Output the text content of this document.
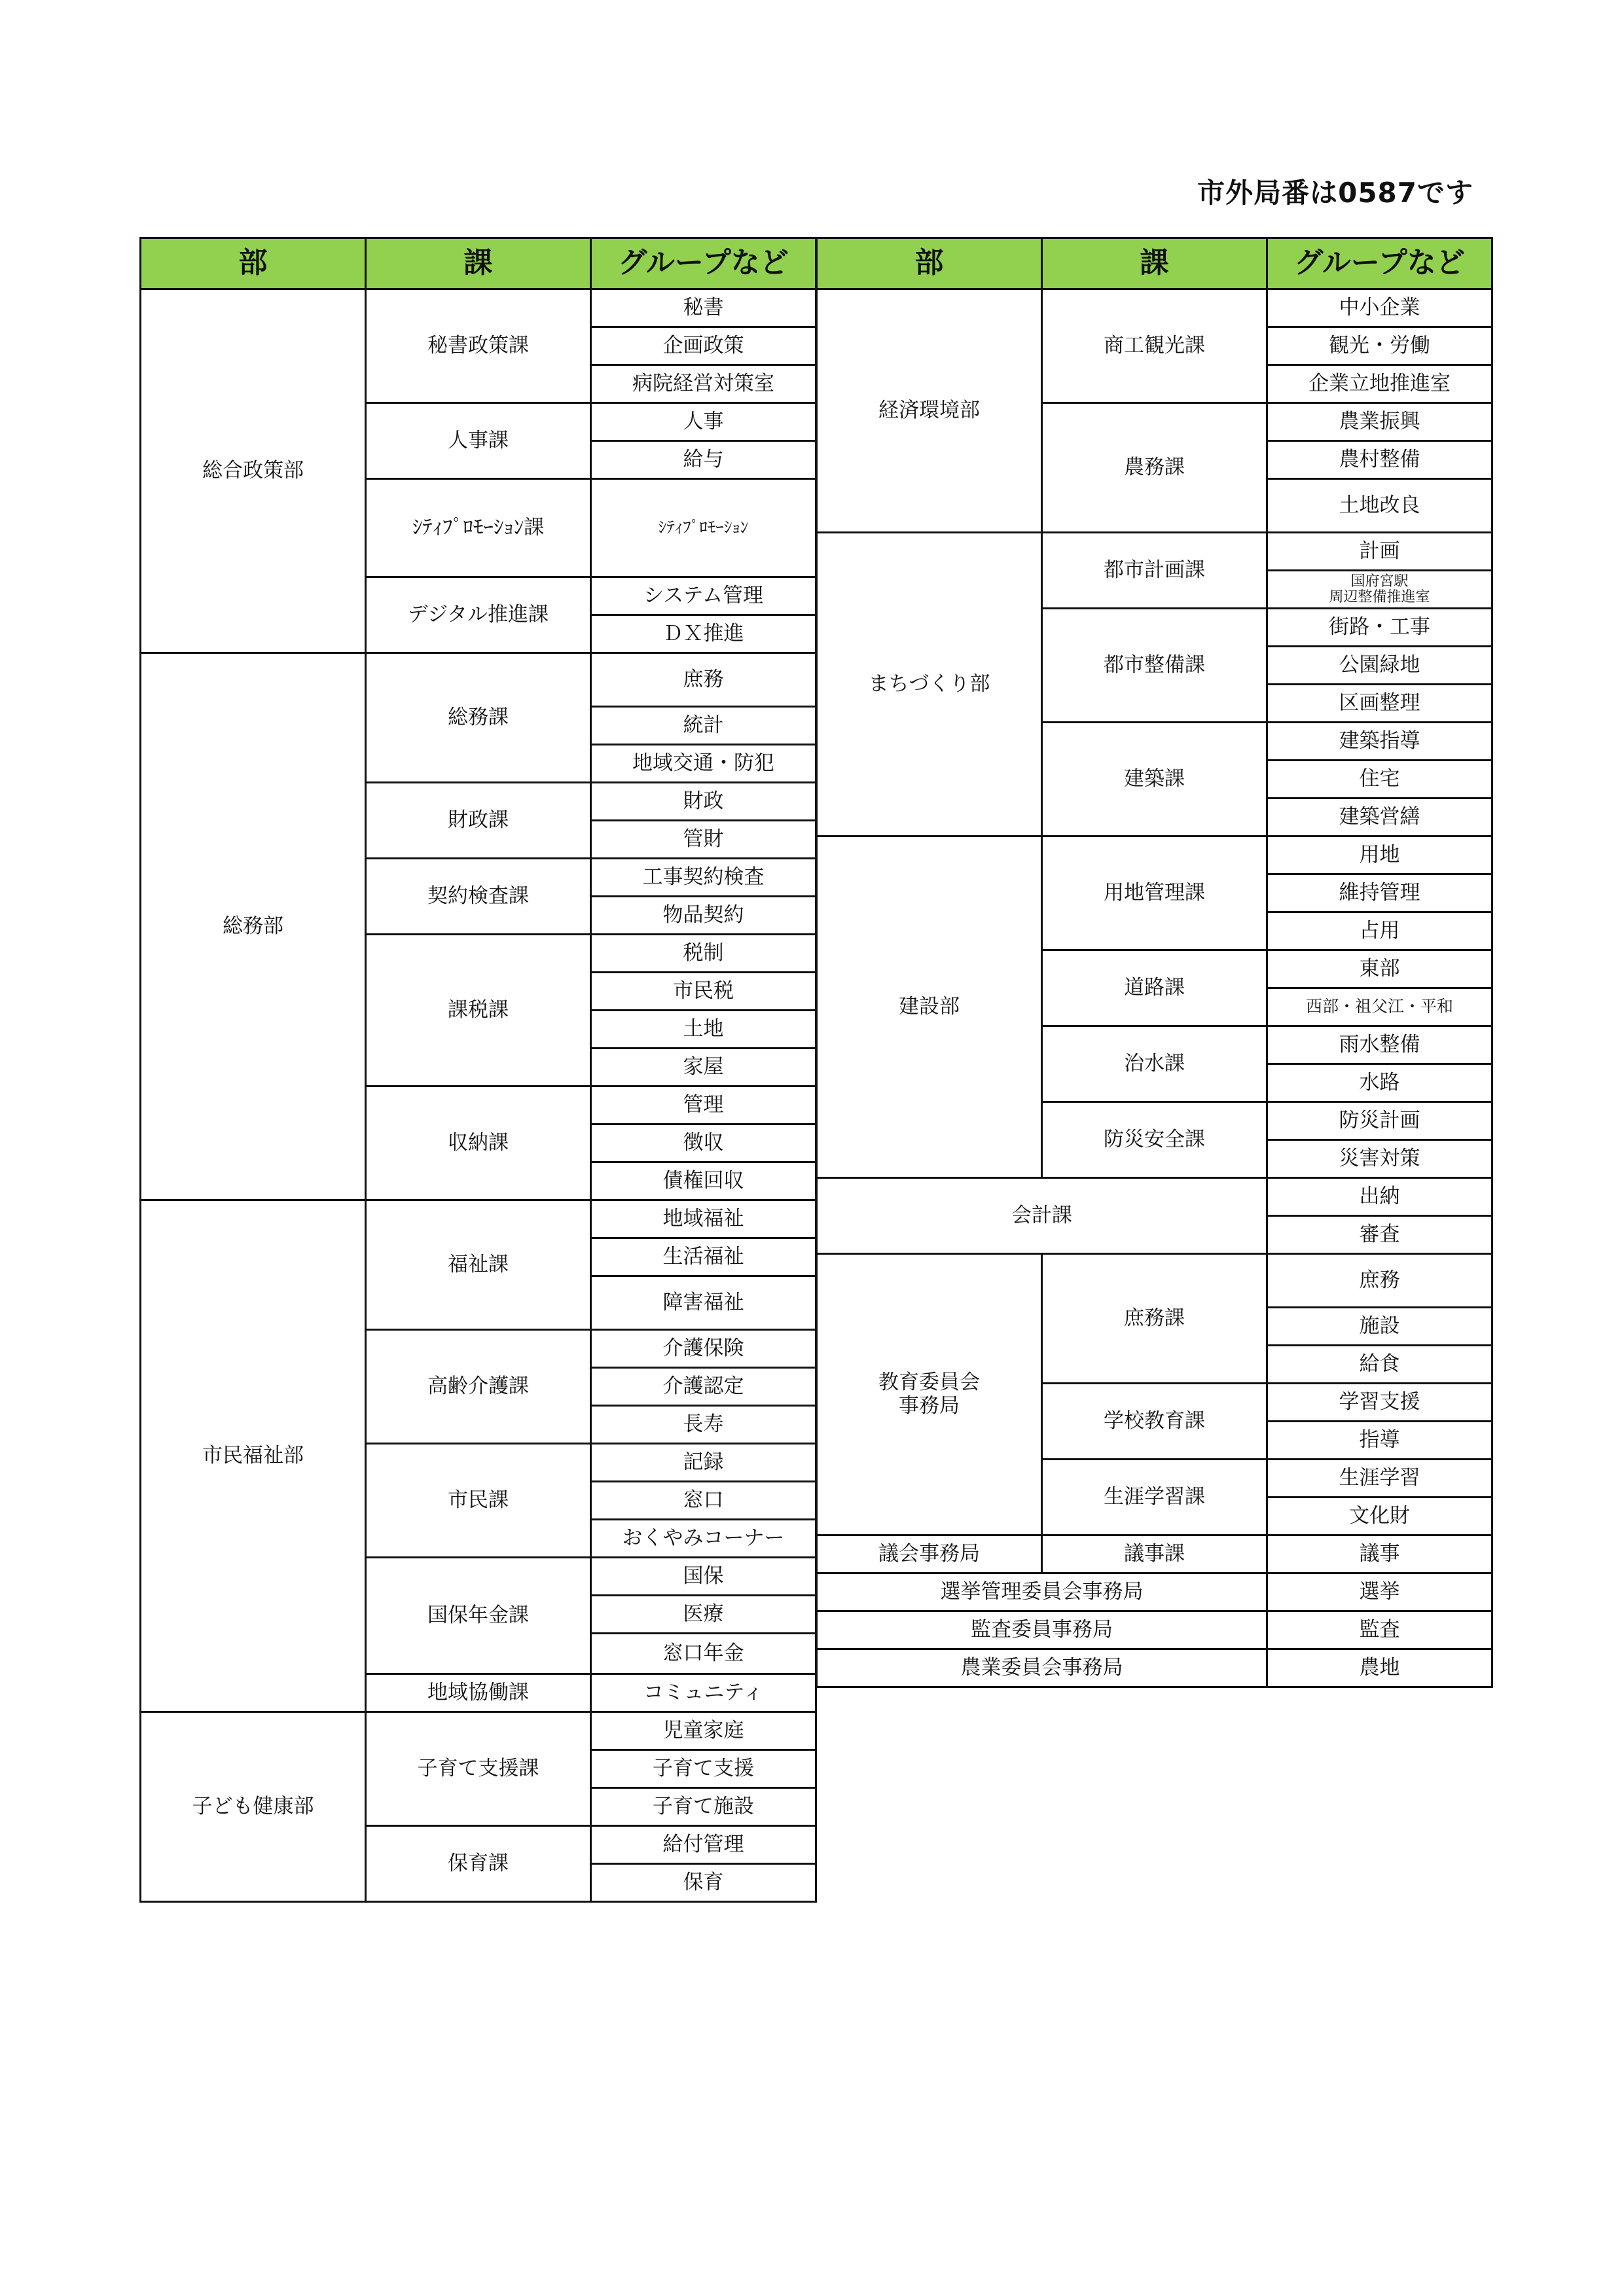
市外局番は0587です
部	課	グループなど
総合政策部	秘書政策課	秘書
		企画政策
		病院経営対策室
	人事課	人事
		給与
	ｼﾃｨﾌﾟﾛﾓｰｼｮﾝ課	ｼﾃｨﾌﾟﾛﾓｰｼｮﾝ
	デジタル推進課	システム管理
		ＤＸ推進
総務部	総務課	庶務
		統計
		地域交通・防犯
	財政課	財政
		管財
	契約検査課	工事契約検査
		物品契約
	課税課	税制
		市民税
		土地
		家屋
	収納課	管理
		徴収
		債権回収
市民福祉部	福祉課	地域福祉
		生活福祉
		障害福祉
	高齢介護課	介護保険
		介護認定
		長寿
	市民課	記録
		窓口
		おくやみコーナー
	国保年金課	国保
		医療
		窓口年金
	地域協働課	コミュニティ
子ども健康部	子育て支援課	児童家庭
		子育て支援
		子育て施設
	保育課	給付管理
		保育
部	課	グループなど
経済環境部	商工観光課	中小企業
		観光・労働
		企業立地推進室
	農務課	農業振興
		農村整備
		土地改良
まちづくり部	都市計画課	計画
		国府宮駅
周辺整備推進室
	都市整備課	街路・工事
		公園緑地
		区画整理
	建築課	建築指導
		住宅
		建築営繕
建設部	用地管理課	用地
		維持管理
		占用
	道路課	東部
		西部・祖父江・平和
	治水課	雨水整備
		水路
	防災安全課	防災計画
		災害対策
会計課		出納
		審査
教育委員会
事務局	庶務課	庶務
		施設
		給食
	学校教育課	学習支援
		指導
	生涯学習課	生涯学習
		文化財
議会事務局	議事課	議事
選挙管理委員会事務局		選挙
監査委員事務局		監査
農業委員会事務局		農地
